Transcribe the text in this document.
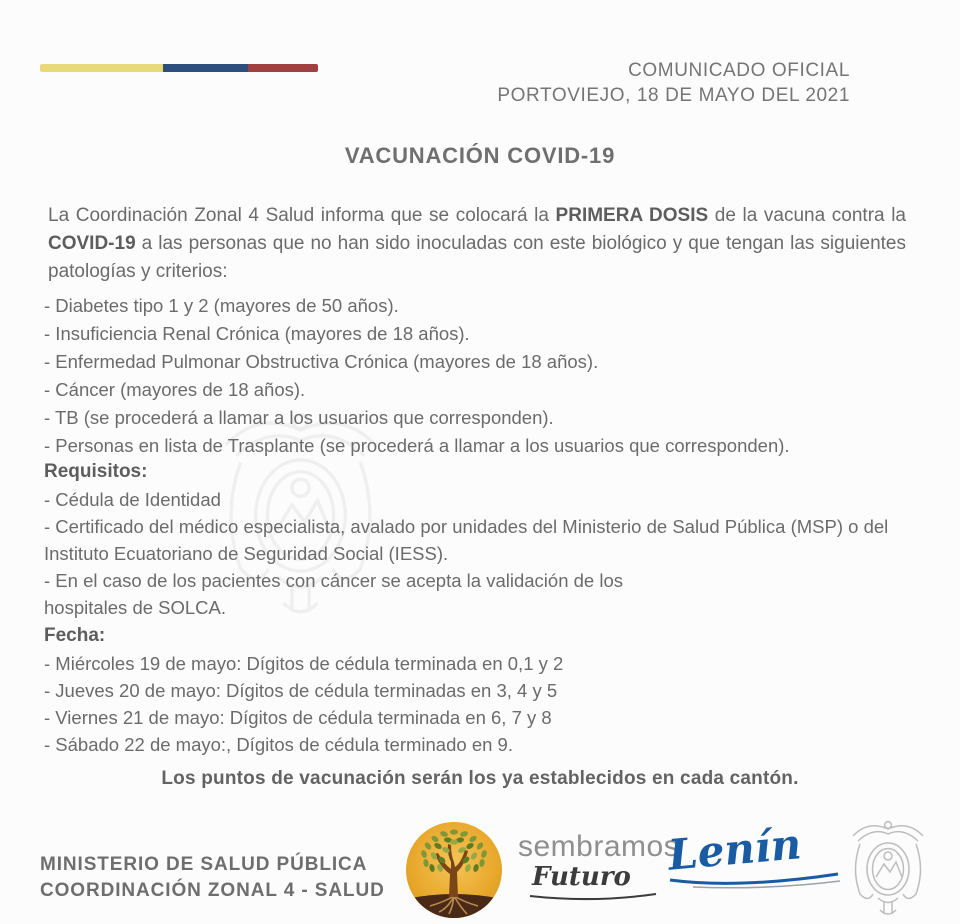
COMUNICADO OFICIAL
PORTOVIEJO, 18 DE MAYO DEL 2021
VACUNACIÓN COVID-19

La Coordinación Zonal 4 Salud informa que se colocará la PRIMERA DOSIS de la vacuna contra la COVID-19 a las personas que no han sido inoculadas con este biológico y que tengan las siguientes patologías y criterios:

- Diabetes tipo 1 y 2 (mayores de 50 años).
- Insuficiencia Renal Crónica (mayores de 18 años).
- Enfermedad Pulmonar Obstructiva Crónica (mayores de 18 años).
- Cáncer (mayores de 18 años).
- TB (se procederá a llamar a los usuarios que corresponden).
- Personas en lista de Trasplante (se procederá a llamar a los usuarios que corresponden).
Requisitos:
- Cédula de Identidad
- Certificado del médico especialista, avalado por unidades del Ministerio de Salud Pública (MSP) o del Instituto Ecuatoriano de Seguridad Social (IESS).
- En el caso de los pacientes con cáncer se acepta la validación de los
hospitales de SOLCA.
Fecha:
- Miércoles 19 de mayo: Dígitos de cédula terminada en 0,1 y 2
- Jueves 20 de mayo: Dígitos de cédula terminadas en 3, 4 y 5
- Viernes 21 de mayo: Dígitos de cédula terminada en 6, 7 y 8
- Sábado 22 de mayo:, Dígitos de cédula terminado en 9.

Los puntos de vacunación serán los ya establecidos en cada cantón.

MINISTERIO DE SALUD PÚBLICA
COORDINACIÓN ZONAL 4 - SALUD
sembramos
Futuro Lenín
